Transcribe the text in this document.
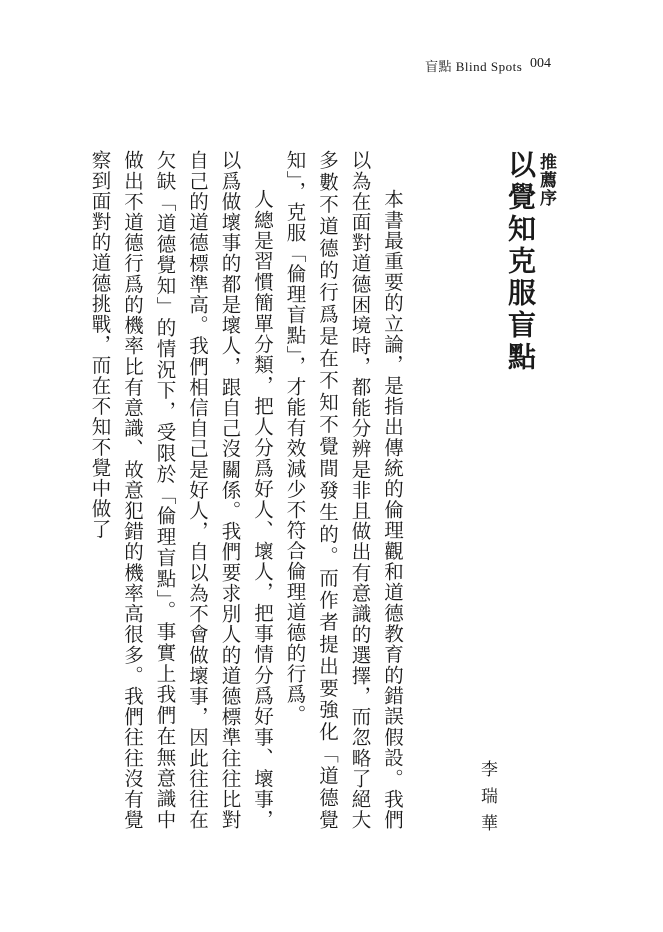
盲點 Blind Spots 004
推薦序
以覺知克服盲點

本書最重要的立論，是指出傳統的倫理觀和道德教育的錯誤假設。我們以為在面對道德困境時，都能分辨是非且做出有意識的選擇，而忽略了絕大多數不道德的行爲是在不知不覺間發生的。而作者提出要強化「道德覺知」，克服「倫理盲點」，才能有效減少不符合倫理道德的行爲。

人總是習慣簡單分類，把人分爲好人、壞人，把事情分爲好事、壞事，以爲做壞事的都是壞人，跟自己沒關係。我們要求別人的道德標準往往比對自己的道德標準高。我們相信自己是好人，自以為不會做壞事，因此往往在欠缺「道德覺知」的情況下，受限於「倫理盲點」。事實上我們在無意識中做出不道德行爲的機率比有意識、故意犯錯的機率高很多。我們往往沒有覺察到面對的道德挑戰，而在不知不覺中做了

李瑞華
